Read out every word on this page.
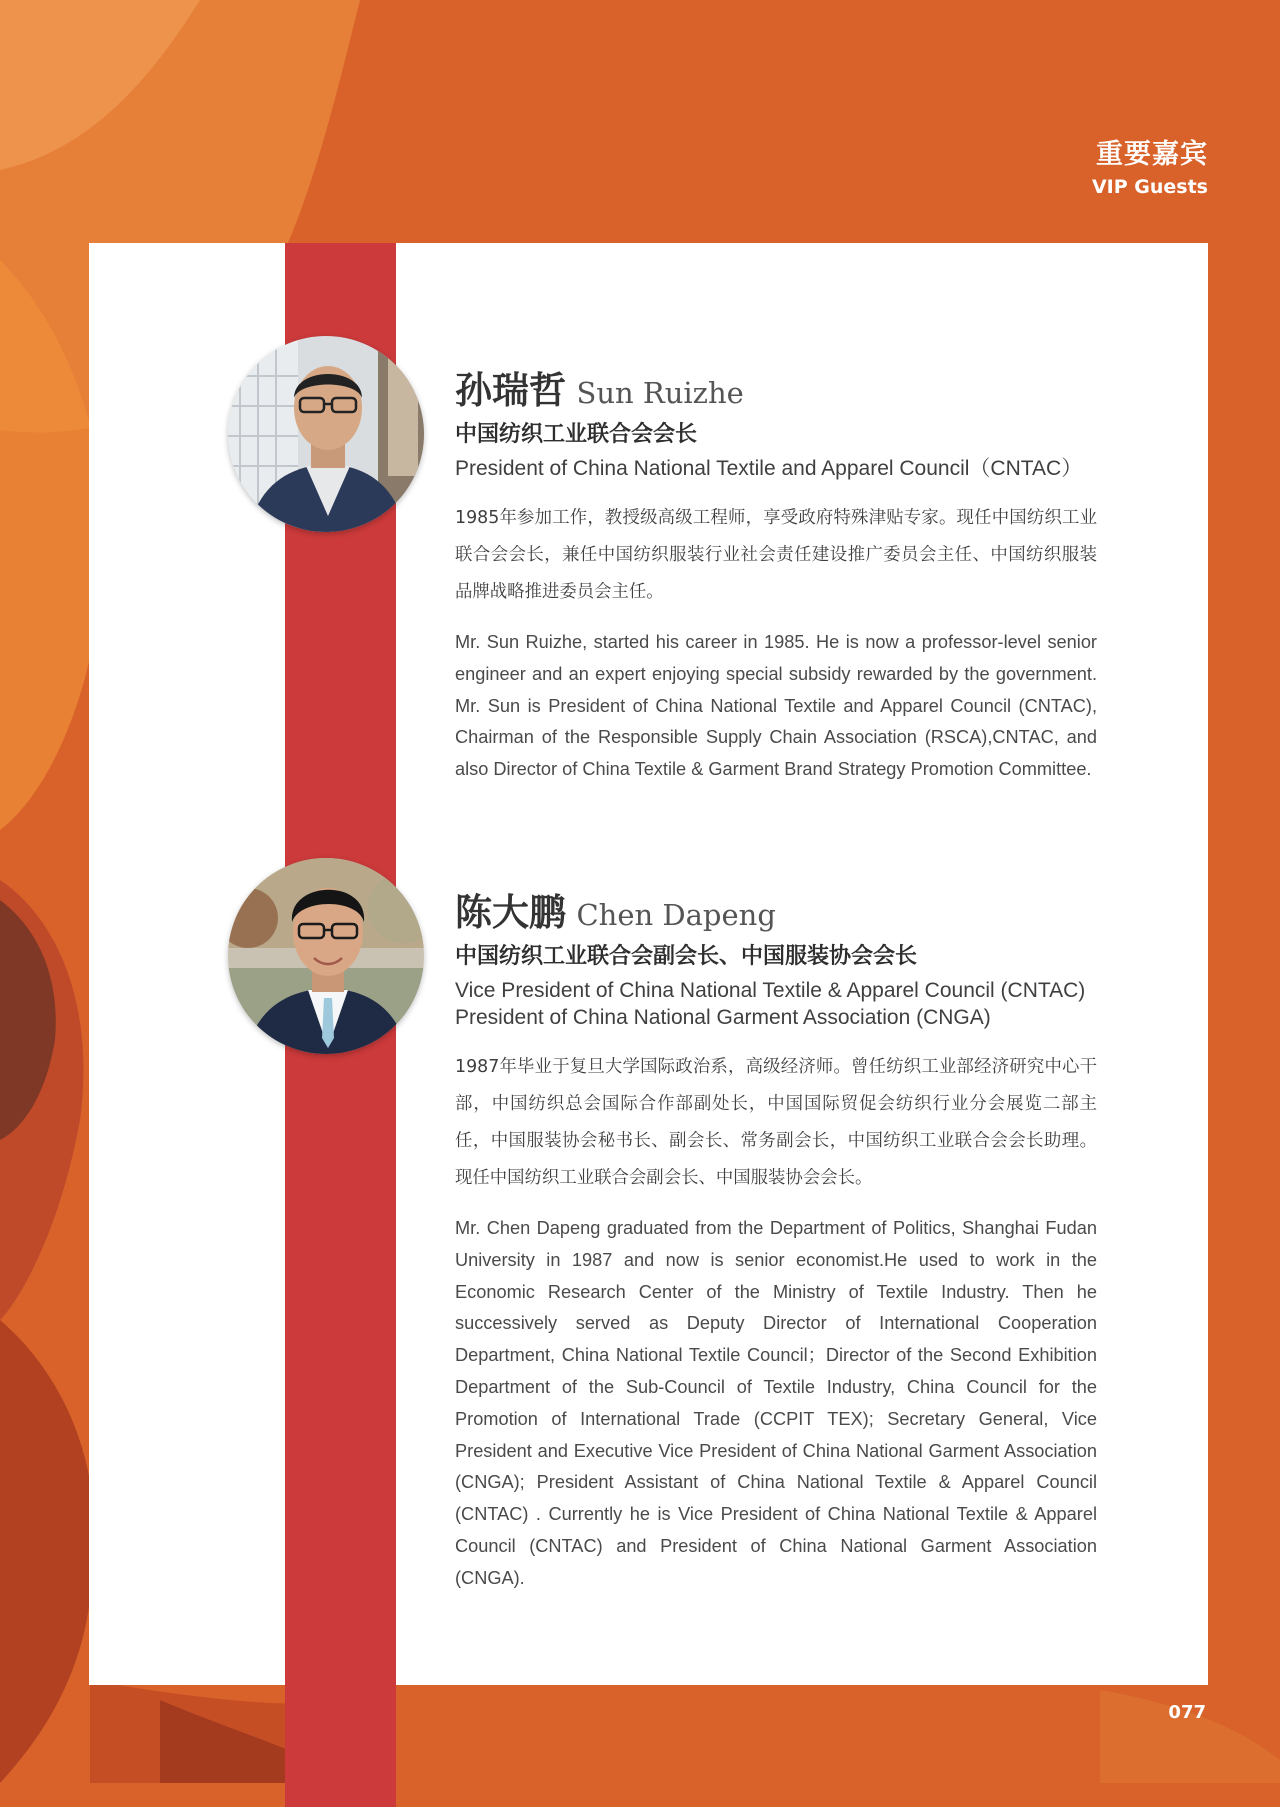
重要嘉宾
VIP Guests
孙瑞哲 Sun Ruizhe
中国纺织工业联合会会长
President of China National Textile and Apparel Council（CNTAC）
1985年参加工作，教授级高级工程师，享受政府特殊津贴专家。现任中国纺织工业联合会会长，兼任中国纺织服装行业社会责任建设推广委员会主任、中国纺织服装品牌战略推进委员会主任。
Mr. Sun Ruizhe, started his career in 1985. He is now a professor-level senior engineer and an expert enjoying special subsidy rewarded by the government. Mr. Sun is President of China National Textile and Apparel Council (CNTAC), Chairman of the Responsible Supply Chain Association (RSCA),CNTAC, and also Director of China Textile & Garment Brand Strategy Promotion Committee.
陈大鹏 Chen Dapeng
中国纺织工业联合会副会长、中国服装协会会长
Vice President of China National Textile & Apparel Council (CNTAC)
President of China National Garment Association (CNGA)
1987年毕业于复旦大学国际政治系，高级经济师。曾任纺织工业部经济研究中心干部，中国纺织总会国际合作部副处长，中国国际贸促会纺织行业分会展览二部主任，中国服装协会秘书长、副会长、常务副会长，中国纺织工业联合会会长助理。现任中国纺织工业联合会副会长、中国服装协会会长。
Mr. Chen Dapeng graduated from the Department of Politics, Shanghai Fudan University in 1987 and now is senior economist.He used to work in the Economic Research Center of the Ministry of Textile Industry. Then he successively served as Deputy Director of International Cooperation Department, China National Textile Council；Director of the Second Exhibition Department of the Sub-Council of Textile Industry, China Council for the Promotion of International Trade (CCPIT TEX); Secretary General, Vice President and Executive Vice President of China National Garment Association (CNGA); President Assistant of China National Textile & Apparel Council (CNTAC) . Currently he is Vice President of China National Textile & Apparel Council (CNTAC) and President of China National Garment Association (CNGA).
077
